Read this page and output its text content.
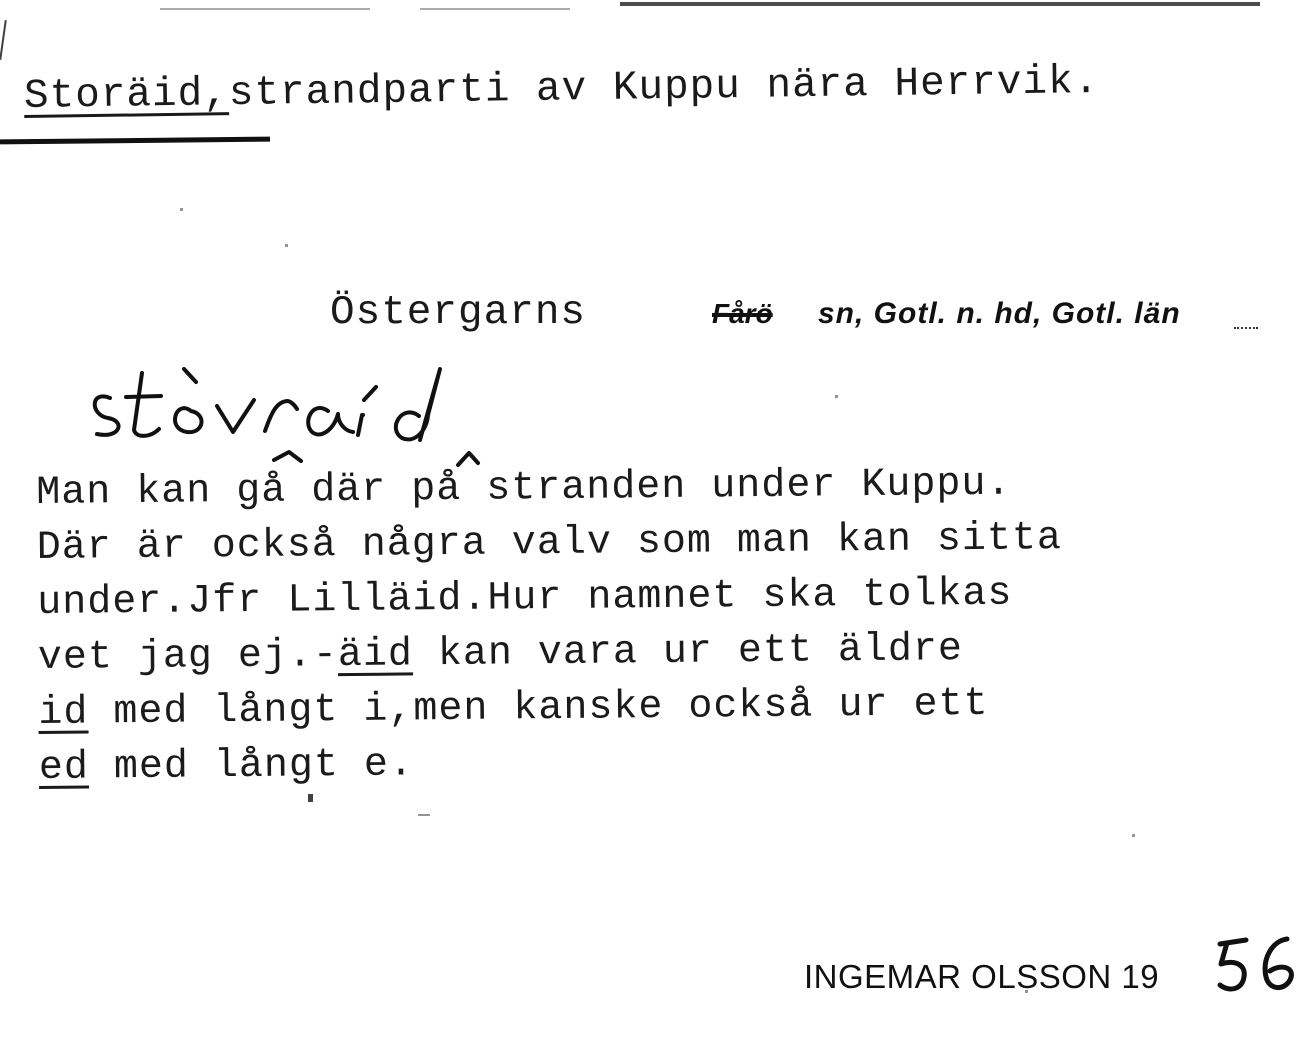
Storäid,strandparti av Kuppu nära Herrvik.
Östergarns	Fårö sn, Gotl. n. hd, Gotl. län
Man kan gå där på stranden under Kuppu.
Där är också några valv som man kan sitta
under.Jfr Lilläid.Hur namnet ska tolkas
vet jag ej.-äid kan vara ur ett äldre
id med långt i,men kanske också ur ett
ed med långt e.
INGEMAR OLSSON 19
